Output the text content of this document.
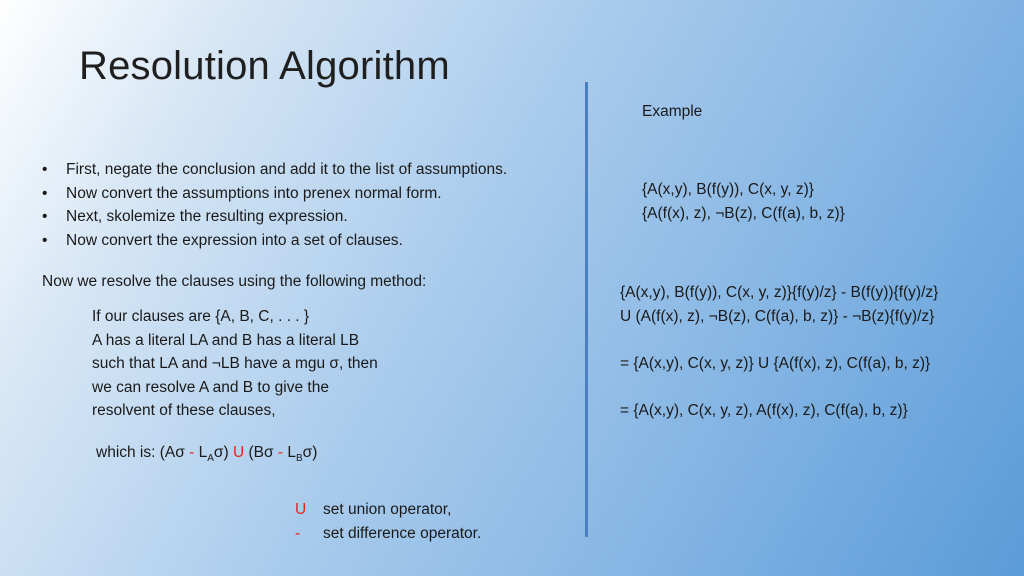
Resolution Algorithm
• First, negate the conclusion and add it to the list of assumptions.
• Now convert the assumptions into prenex normal form.
• Next, skolemize the resulting expression.
• Now convert the expression into a set of clauses.
Now we resolve the clauses using the following method:
If our clauses are {A, B, C, . . . }
A has a literal LA and B has a literal LB
such that LA and ¬LB have a mgu σ, then
we can resolve A and B to give the
resolvent of these clauses,
which is: $(A\sigma - L_A\sigma)$ U $(B\sigma - L_B\sigma)$
U set union operator,
- set difference operator.
Example
{A(x,y), B(f(y)), C(x, y, z)}
{A(f(x), z), ¬B(z), C(f(a), b, z)}
{A(x,y), B(f(y)), C(x, y, z)}{f(y)/z} - B(f(y)){f(y)/z}
U (A(f(x), z), ¬B(z), C(f(a), b, z)} - ¬B(z){f(y)/z}
= {A(x,y), C(x, y, z)} U {A(f(x), z), C(f(a), b, z)}
= {A(x,y), C(x, y, z), A(f(x), z), C(f(a), b, z)}
